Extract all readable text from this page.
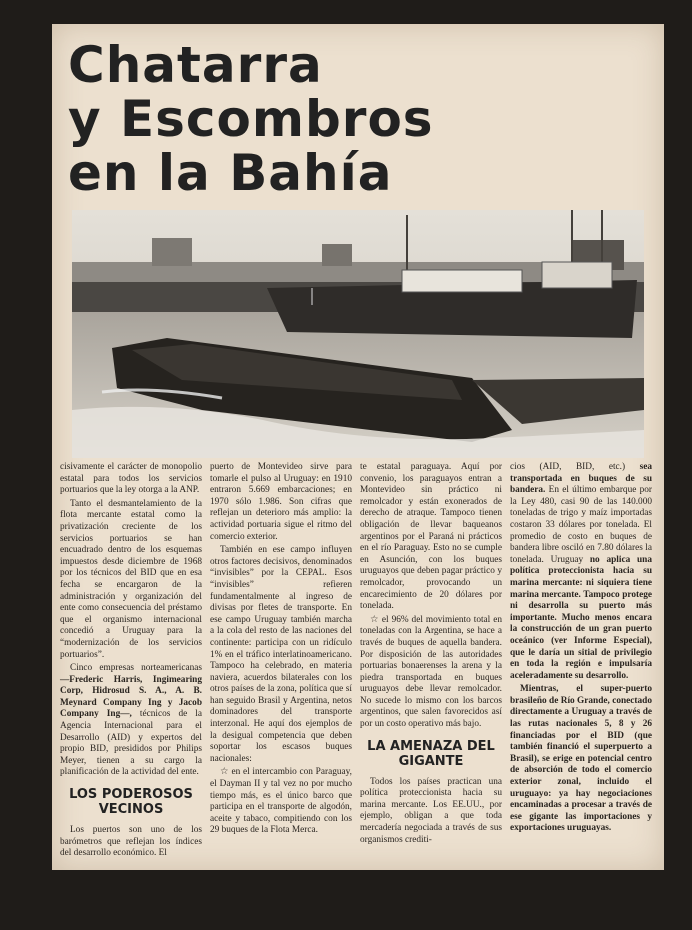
Chatarra
y Escombros
en la Bahía

cisivamente el carácter de monopolio estatal para todos los servicios portuarios que la ley otorga a la ANP.

Tanto el desmantelamiento de la flota mercante estatal como la privatización creciente de los servicios portuarios se han encuadrado dentro de los esquemas impuestos desde diciembre de 1968 por los técnicos del BID que en esa fecha se encargaron de la administración y organización del ente como consecuencia del préstamo que el organismo internacional concedió a Uruguay para la “modernización de los servicios portuarios”.

Cinco empresas norteamericanas —Frederic Harris, Ingimearing Corp, Hidrosud S. A., A. B. Meynard Company Ing y Jacob Company Ing—, técnicos de la Agencia Internacional para el Desarrollo (AID) y expertos del propio BID, presididos por Philips Meyer, tienen a su cargo la planificación de la actividad del ente.

LOS PODEROSOS VECINOS

Los puertos son uno de los barómetros que reflejan los índices del desarrollo económico. El

puerto de Montevideo sirve para tomarle el pulso al Uruguay: en 1910 entraron 5.669 embarcaciones; en 1970 sólo 1.986. Son cifras que reflejan un deterioro más amplio: la actividad portuaria sigue el ritmo del comercio exterior.

También en ese campo influyen otros factores decisivos, denominados “invisibles” por la CEPAL. Esos “invisibles” refieren fundamentalmente al ingreso de divisas por fletes de transporte. En ese campo Uruguay también marcha a la cola del resto de las naciones del continente: participa con un ridículo 1% en el tráfico interlatinoamericano. Tampoco ha celebrado, en materia naviera, acuerdos bilaterales con los otros países de la zona, política que sí han seguido Brasil y Argentina, netos dominadores del transporte interzonal. He aquí dos ejemplos de la desigual competencia que deben soportar los escasos buques nacionales:

☆ en el intercambio con Paraguay, el Dayman II y tal vez no por mucho tiempo más, es el único barco que participa en el transporte de algodón, aceite y tabaco, compitiendo con los 29 buques de la Flota Merca.

te estatal paraguaya. Aquí por convenio, los paraguayos entran a Montevideo sin práctico ni remolcador y están exonerados de derecho de atraque. Tampoco tienen obligación de llevar baqueanos argentinos por el Paraná ni prácticos en el río Paraguay. Esto no se cumple en Asunción, con los buques uruguayos que deben pagar práctico y remolcador, provocando un encarecimiento de 20 dólares por tonelada.

☆ el 96% del movimiento total en toneladas con la Argentina, se hace a través de buques de aquella bandera. Por disposición de las autoridades portuarias bonaerenses la arena y la piedra transportada en buques uruguayos debe llevar remolcador. No sucede lo mismo con los barcos argentinos, que salen favorecidos así por un costo operativo más bajo.

LA AMENAZA DEL GIGANTE

Todos los países practican una política proteccionista hacia su marina mercante. Los EE.UU., por ejemplo, obligan a que toda mercadería negociada a través de sus organismos crediti-

cios (AID, BID, etc.) sea transportada en buques de su bandera. En el último embarque por la Ley 480, casi 90 de las 140.000 toneladas de trigo y maíz importadas costaron 33 dólares por tonelada. El promedio de costo en buques de bandera libre osciló en 7.80 dólares la tonelada. Uruguay no aplica una política proteccionista hacia su marina mercante: ni siquiera tiene marina mercante. Tampoco protege ni desarrolla su puerto más importante. Mucho menos encara la construcción de un gran puerto oceánico (ver Informe Especial), que le daría un sitial de privilegio en toda la región e impulsaría aceleradamente su desarrollo.

Mientras, el super-puerto brasileño de Río Grande, conectado directamente a Uruguay a través de las rutas nacionales 5, 8 y 26 financiadas por el BID (que también financió el superpuerto a Brasil), se erige en potencial centro de absorción de todo el comercio exterior zonal, incluido el uruguayo: ya hay negociaciones encaminadas a procesar a través de ese gigante las importaciones y exportaciones uruguayas.
